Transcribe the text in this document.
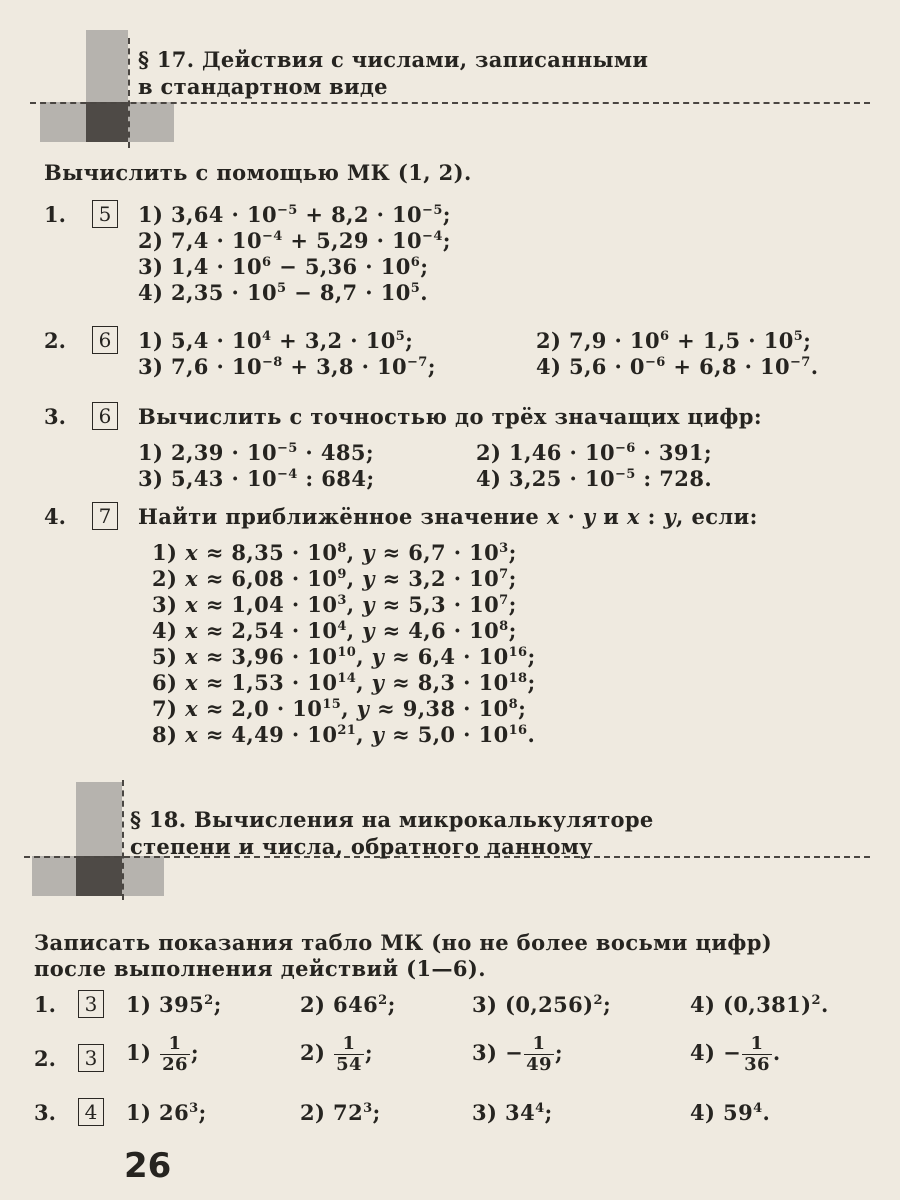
§ 17. Действия с числами, записанными
в стандартном виде
Вычислить с помощью МК (1, 2).
1.	5	1) $3,64 \cdot 10^{-5} + 8,2 \cdot 10^{-5}$;
2) $7,4 \cdot 10^{-4} + 5,29 \cdot 10^{-4}$;
3) $1,4 \cdot 10^6 - 5,36 \cdot 10^6$;
4) $2,35 \cdot 10^5 - 8,7 \cdot 10^5$.
2.	6	1) $5,4 \cdot 10^4 + 3,2 \cdot 10^5$;	2) $7,9 \cdot 10^6 + 1,5 \cdot 10^5$;
3) $7,6 \cdot 10^{-8} + 3,8 \cdot 10^{-7}$;	4) $5,6 \cdot 0^{-6} + 6,8 \cdot 10^{-7}$.
3.	6	Вычислить с точностью до трёх значащих цифр:
1) $2,39 \cdot 10^{-5} \cdot 485$;	2) $1,46 \cdot 10^{-6} \cdot 391$;
3) $5,43 \cdot 10^{-4}$ : 684;	4) $3,25 \cdot 10^{-5}$ : 728.
4.	7	Найти приближённое значение x · y и x : y, если:
1) $x \approx 8,35 \cdot 10^8$, $y \approx 6,7 \cdot 10^3$;
2) $x \approx 6,08 \cdot 10^9$, $y \approx 3,2 \cdot 10^7$;
3) $x \approx 1,04 \cdot 10^3$, $y \approx 5,3 \cdot 10^7$;
4) $x \approx 2,54 \cdot 10^4$, $y \approx 4,6 \cdot 10^8$;
5) $x \approx 3,96 \cdot 10^{10}$, $y \approx 6,4 \cdot 10^{16}$;
6) $x \approx 1,53 \cdot 10^{14}$, $y \approx 8,3 \cdot 10^{18}$;
7) $x \approx 2,0 \cdot 10^{15}$, $y \approx 9,38 \cdot 10^8$;
8) $x \approx 4,49 \cdot 10^{21}$, $y \approx 5,0 \cdot 10^{16}$.
§ 18. Вычисления на микрокалькуляторе
степени и числа, обратного данному
Записать показания табло МК (но не более восьми цифр)
после выполнения действий (1—6).
1.	3	1) $395^2$;	2) $646^2$;	3) $(0,256)^2$;	4) $(0,381)^2$.
2.	3	$1) \frac{1}{26}$ ;	$2) \frac{1}{54}$ ;	$3) - \frac{1}{49}$ ;	$4) - \frac{1}{36}$ .
3.	4	1) $26^3$;	2) $72^3$;	3) $34^4$;	4) $59^4$.
26
